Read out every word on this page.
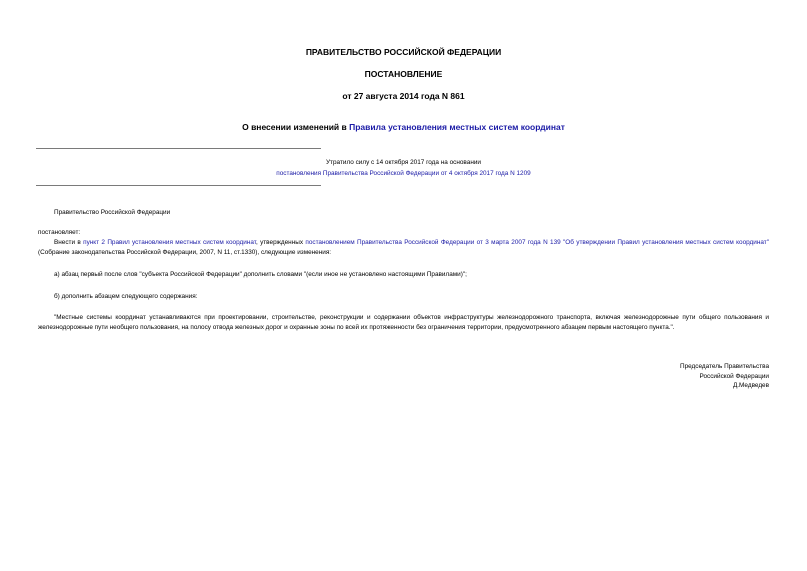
ПРАВИТЕЛЬСТВО РОССИЙСКОЙ ФЕДЕРАЦИИ
ПОСТАНОВЛЕНИЕ
от 27 августа 2014 года N 861
О внесении изменений в Правила установления местных систем координат
Утратило силу с 14 октября 2017 года на основании
постановления Правительства Российской Федерации от 4 октября 2017 года N 1209
Правительство Российской Федерации
постановляет:
Внести в пункт 2 Правил установления местных систем координат, утвержденных постановлением Правительства Российской Федерации от 3 марта 2007 года N 139 "Об утверждении Правил установления местных систем координат" (Собрание законодательства Российской Федерации, 2007, N 11, ст.1330), следующие изменения:
а) абзац первый после слов "субъекта Российской Федерации" дополнить словами "(если иное не установлено настоящими Правилами)";
б) дополнить абзацем следующего содержания:
"Местные системы координат устанавливаются при проектировании, строительстве, реконструкции и содержании объектов инфраструктуры железнодорожного транспорта, включая железнодорожные пути общего пользования и железнодорожные пути необщего пользования, на полосу отвода железных дорог и охранные зоны по всей их протяженности без ограничения территории, предусмотренного абзацем первым настоящего пункта.".
Председатель Правительства
Российской Федерации
Д.Медведев
